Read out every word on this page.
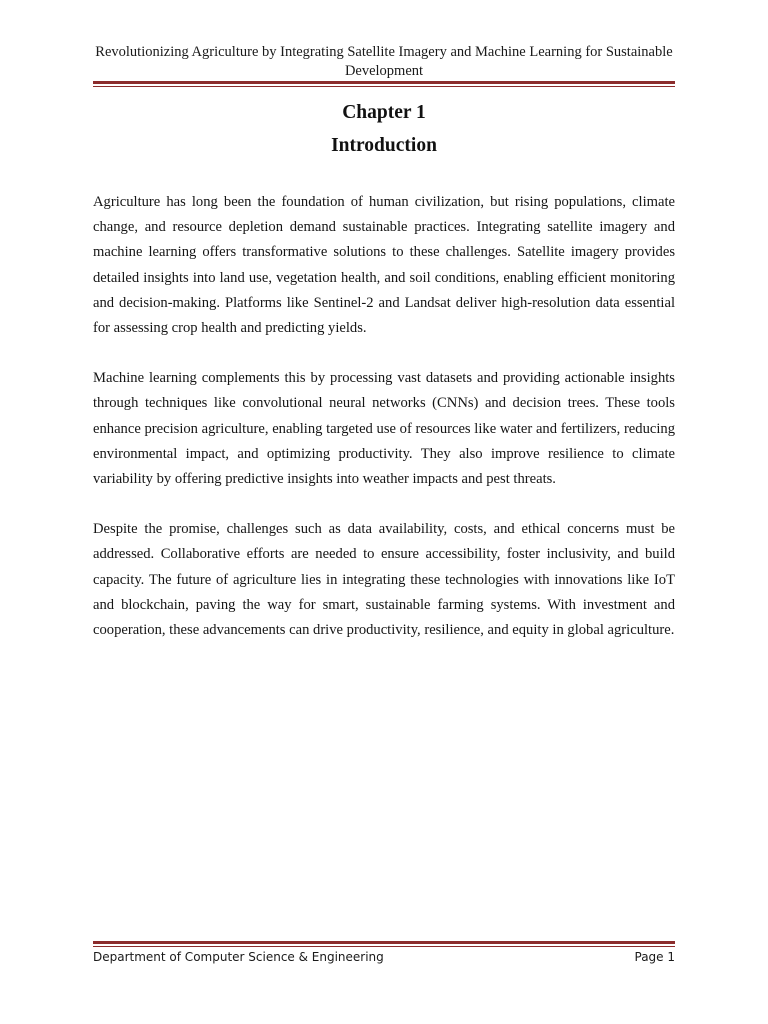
Revolutionizing Agriculture by Integrating Satellite Imagery and Machine Learning for Sustainable Development
Chapter 1
Introduction

Agriculture has long been the foundation of human civilization, but rising populations, climate change, and resource depletion demand sustainable practices. Integrating satellite imagery and machine learning offers transformative solutions to these challenges. Satellite imagery provides detailed insights into land use, vegetation health, and soil conditions, enabling efficient monitoring and decision-making. Platforms like Sentinel-2 and Landsat deliver high-resolution data essential for assessing crop health and predicting yields.

Machine learning complements this by processing vast datasets and providing actionable insights through techniques like convolutional neural networks (CNNs) and decision trees. These tools enhance precision agriculture, enabling targeted use of resources like water and fertilizers, reducing environmental impact, and optimizing productivity. They also improve resilience to climate variability by offering predictive insights into weather impacts and pest threats.

Despite the promise, challenges such as data availability, costs, and ethical concerns must be addressed. Collaborative efforts are needed to ensure accessibility, foster inclusivity, and build capacity. The future of agriculture lies in integrating these technologies with innovations like IoT and blockchain, paving the way for smart, sustainable farming systems. With investment and cooperation, these advancements can drive productivity, resilience, and equity in global agriculture.

Department of Computer Science & Engineering	Page 1
